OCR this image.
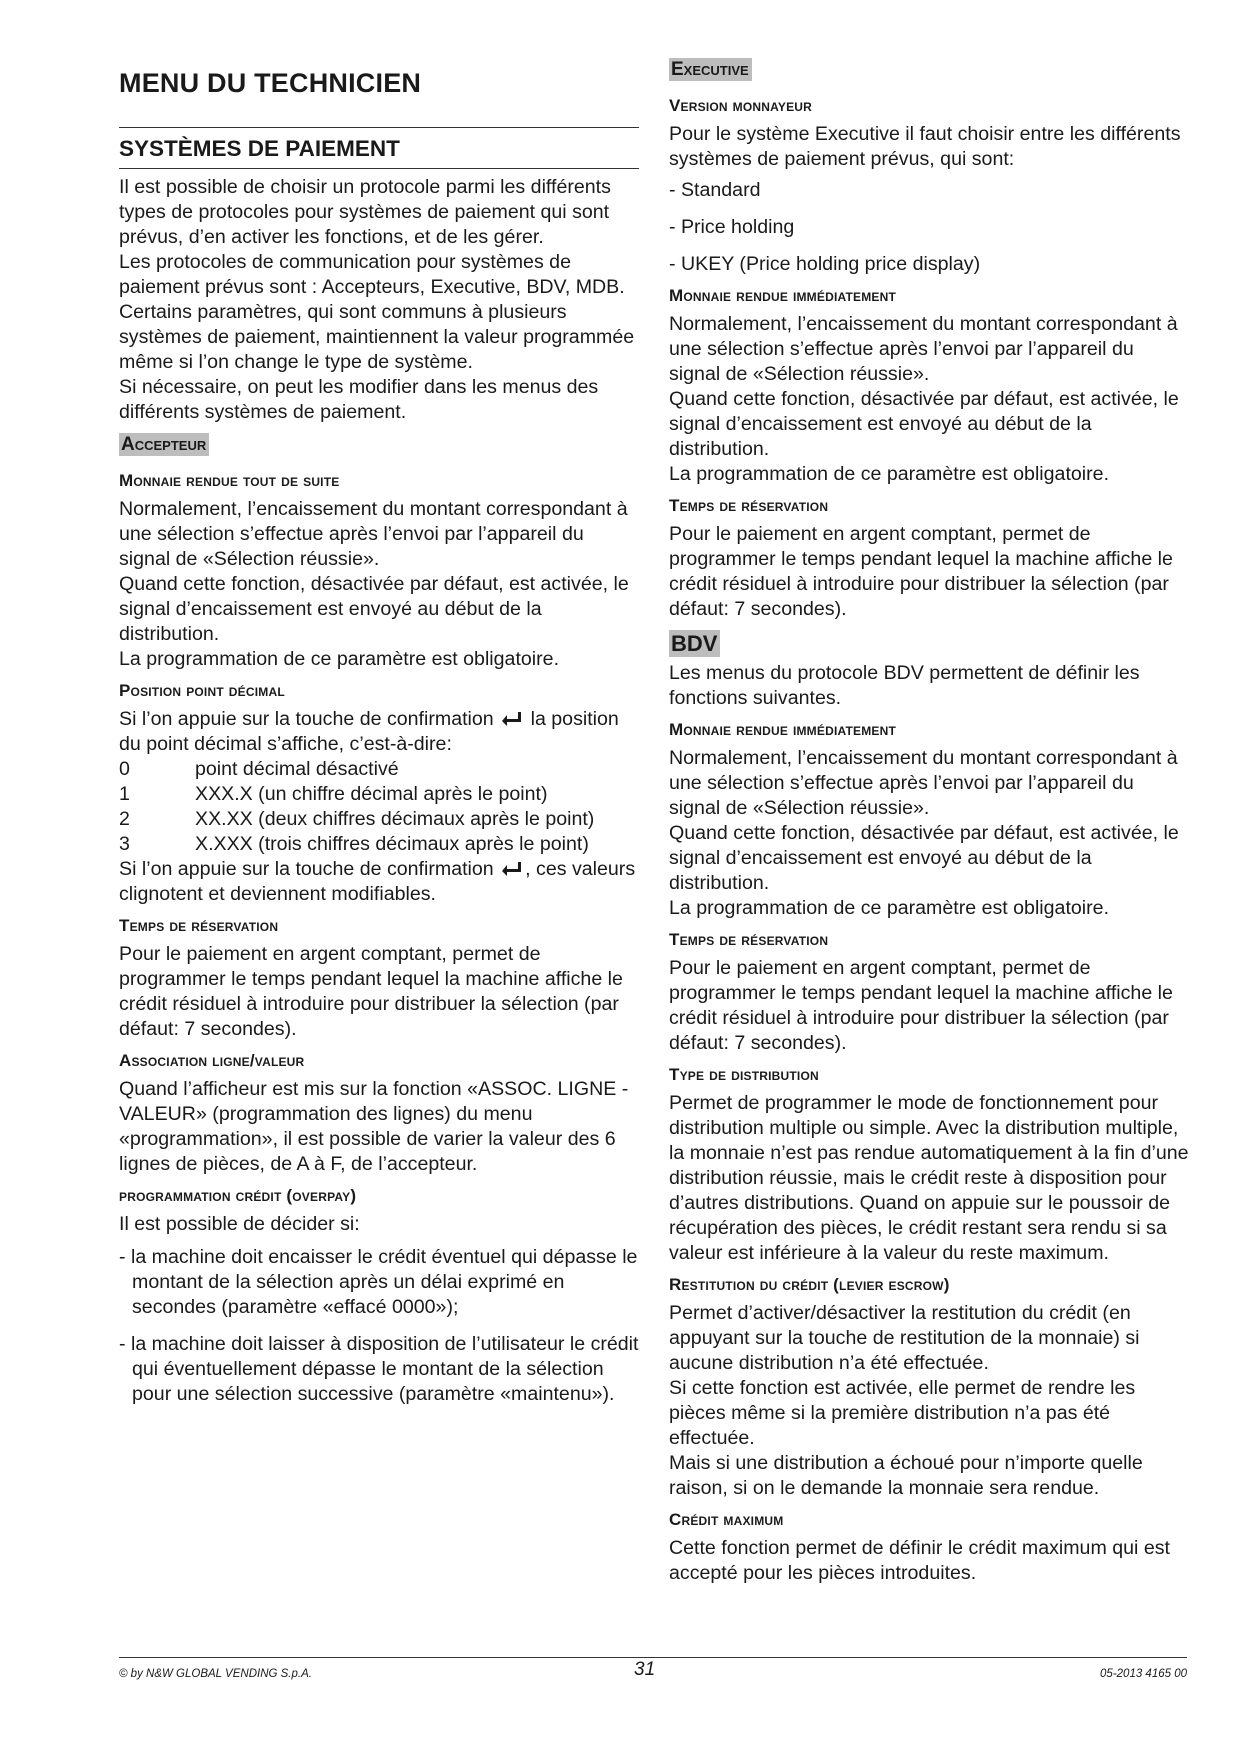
MENU DU TECHNICIEN
SYSTÈMES DE PAIEMENT

Il est possible de choisir un protocole parmi les différents types de protocoles pour systèmes de paiement qui sont prévus, d’en activer les fonctions, et de les gérer.

Les protocoles de communication pour systèmes de paiement prévus sont : Accepteurs, Executive, BDV, MDB.

Certains paramètres, qui sont communs à plusieurs systèmes de paiement, maintiennent la valeur programmée même si l’on change le type de système.

Si nécessaire, on peut les modifier dans les menus des différents systèmes de paiement.

Accepteur
Monnaie rendue tout de suite

Normalement, l’encaissement du montant correspondant à une sélection s’effectue après l’envoi par l’appareil du signal de «Sélection réussie».

Quand cette fonction, désactivée par défaut, est activée, le signal d’encaissement est envoyé au début de la distribution.

La programmation de ce paramètre est obligatoire.

Position point décimal

Si l’on appuie sur la touche de confirmation la position du point décimal s’affiche, c’est-à-dire:

0	point décimal désactivé
1	XXX.X (un chiffre décimal après le point)
2	XX.XX (deux chiffres décimaux après le point)
3	X.XXX (trois chiffres décimaux après le point)

Si l’on appuie sur la touche de confirmation , ces valeurs clignotent et deviennent modifiables.

Temps de réservation

Pour le paiement en argent comptant, permet de programmer le temps pendant lequel la machine affiche le crédit résiduel à introduire pour distribuer la sélection (par défaut: 7 secondes).

Association ligne/valeur

Quand l’afficheur est mis sur la fonction «ASSOC. LIGNE - VALEUR» (programmation des lignes) du menu «programmation», il est possible de varier la valeur des 6 lignes de pièces, de A à F, de l’accepteur.

programmation crédit (overpay)

Il est possible de décider si:

- la machine doit encaisser le crédit éventuel qui dépasse le montant de la sélection après un délai exprimé en secondes (paramètre «effacé 0000»);
- la machine doit laisser à disposition de l’utilisateur le crédit qui éventuellement dépasse le montant de la sélection pour une sélection successive (paramètre «maintenu»).
Executive
Version monnayeur

Pour le système Executive il faut choisir entre les différents systèmes de paiement prévus, qui sont:

- Standard
- Price holding
- UKEY (Price holding price display)
Monnaie rendue immédiatement

Normalement, l’encaissement du montant correspondant à une sélection s’effectue après l’envoi par l’appareil du signal de «Sélection réussie».

Quand cette fonction, désactivée par défaut, est activée, le signal d’encaissement est envoyé au début de la distribution.

La programmation de ce paramètre est obligatoire.

Temps de réservation

Pour le paiement en argent comptant, permet de programmer le temps pendant lequel la machine affiche le crédit résiduel à introduire pour distribuer la sélection (par défaut: 7 secondes).

BDV

Les menus du protocole BDV permettent de définir les fonctions suivantes.

Monnaie rendue immédiatement

Normalement, l’encaissement du montant correspondant à une sélection s’effectue après l’envoi par l’appareil du signal de «Sélection réussie».

Quand cette fonction, désactivée par défaut, est activée, le signal d’encaissement est envoyé au début de la distribution.

La programmation de ce paramètre est obligatoire.

Temps de réservation

Pour le paiement en argent comptant, permet de programmer le temps pendant lequel la machine affiche le crédit résiduel à introduire pour distribuer la sélection (par défaut: 7 secondes).

Type de distribution

Permet de programmer le mode de fonctionnement pour distribution multiple ou simple. Avec la distribution multiple, la monnaie n’est pas rendue automatiquement à la fin d’une distribution réussie, mais le crédit reste à disposition pour d’autres distributions. Quand on appuie sur le poussoir de récupération des pièces, le crédit restant sera rendu si sa valeur est inférieure à la valeur du reste maximum.

Restitution du crédit (levier escrow)

Permet d’activer/désactiver la restitution du crédit (en appuyant sur la touche de restitution de la monnaie) si aucune distribution n’a été effectuée.

Si cette fonction est activée, elle permet de rendre les pièces même si la première distribution n’a pas été effectuée.

Mais si une distribution a échoué pour n’importe quelle raison, si on le demande la monnaie sera rendue.

Crédit maximum

Cette fonction permet de définir le crédit maximum qui est accepté pour les pièces introduites.

© by N&W GLOBAL VENDING S.p.A.	31	05-2013 4165 00
